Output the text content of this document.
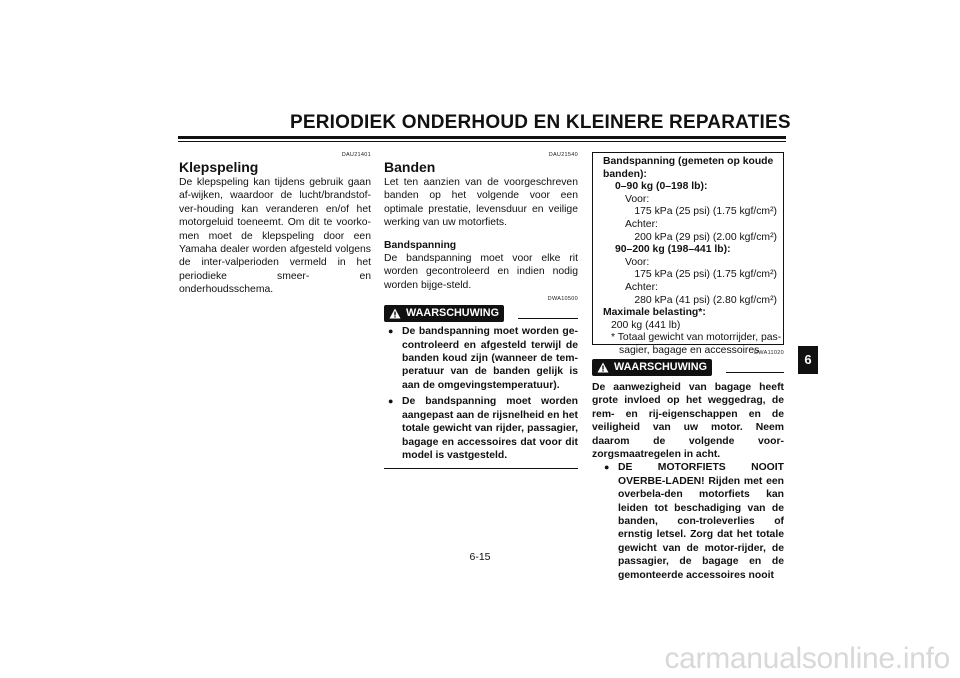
PERIODIEK ONDERHOUD EN KLEINERE REPARATIES
DAU21401
Klepspeling
De klepspeling kan tijdens gebruik gaan af-wijken, waardoor de lucht/brandstof-ver-houding kan veranderen en/of het motorgeluid toeneemt. Om dit te voorko-men moet de klepspeling door een Yamaha dealer worden afgesteld volgens de inter-valperioden vermeld in het periodieke smeer- en onderhoudsschema.
DAU21540
Banden
Let ten aanzien van de voorgeschreven banden op het volgende voor een optimale prestatie, levensduur en veilige werking van uw motorfiets.
Bandspanning
De bandspanning moet voor elke rit worden gecontroleerd en indien nodig worden bijge-steld.
DWA10500
WAARSCHUWING
● De bandspanning moet worden ge-controleerd en afgesteld terwijl de banden koud zijn (wanneer de tem-peratuur van de banden gelijk is aan de omgevingstemperatuur).
● De bandspanning moet worden aangepast aan de rijsnelheid en het totale gewicht van rijder, passagier, bagage en accessoires dat voor dit model is vastgesteld.
Bandspanning (gemeten op koude
banden):
0–90 kg (0–198 lb):
Voor:
175 kPa (25 psi) (1.75 kgf/cm²)
Achter:
200 kPa (29 psi) (2.00 kgf/cm²)
90–200 kg (198–441 lb):
Voor:
175 kPa (25 psi) (1.75 kgf/cm²)
Achter:
280 kPa (41 psi) (2.80 kgf/cm²)
Maximale belasting*:
200 kg (441 lb)
* Totaal gewicht van motorrijder, pas-
sagier, bagage en accessoires
DWA11020
WAARSCHUWING
De aanwezigheid van bagage heeft grote invloed op het weggedrag, de rem- en rij-eigenschappen en de veiligheid van uw motor. Neem daarom de volgende voor-zorgsmaatregelen in acht.
● DE MOTORFIETS NOOIT OVERBE-LADEN! Rijden met een overbela-den motorfiets kan leiden tot beschadiging van de banden, con-troleverlies of ernstig letsel. Zorg dat het totale gewicht van de motor-rijder, de passagier, de bagage en de gemonteerde accessoires nooit
6
6-15
carmanualsonline.info
